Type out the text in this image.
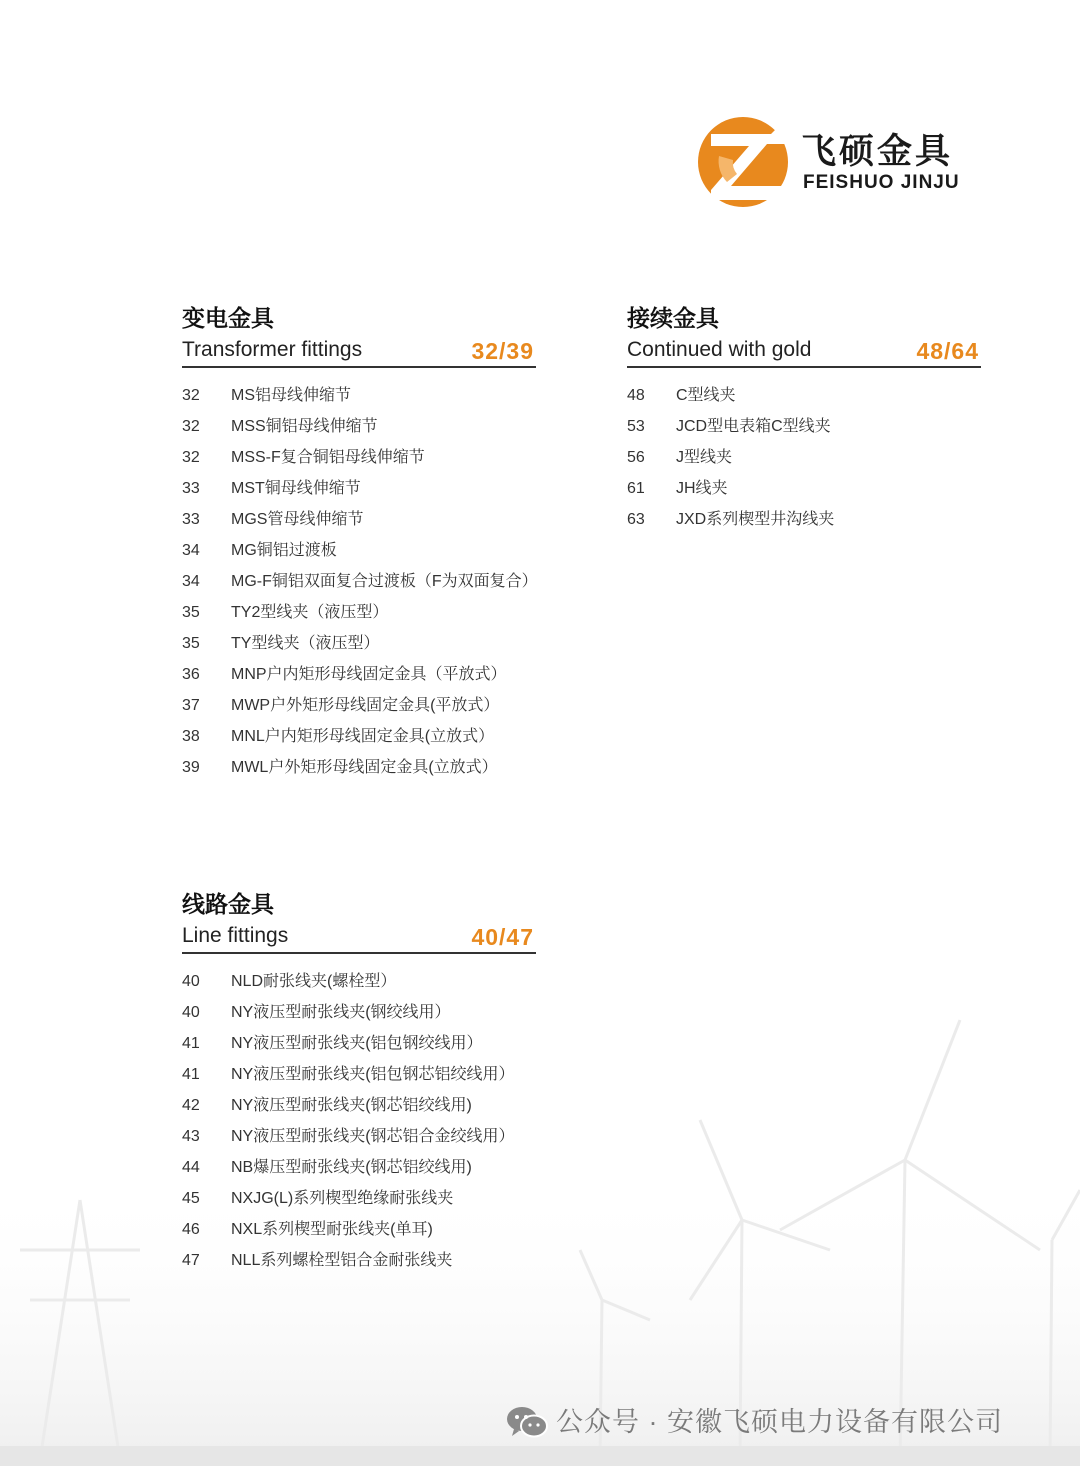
飞硕金具
FEISHUO JINJU
变电金具
Transformer fittings	32/39
32 MS铝母线伸缩节
32 MSS铜铝母线伸缩节
32 MSS-F复合铜铝母线伸缩节
33 MST铜母线伸缩节
33 MGS管母线伸缩节
34 MG铜铝过渡板
34 MG-F铜铝双面复合过渡板（F为双面复合）
35 TY2型线夹（液压型）
35 TY型线夹（液压型）
36 MNP户内矩形母线固定金具（平放式）
37 MWP户外矩形母线固定金具(平放式）
38 MNL户内矩形母线固定金具(立放式）
39 MWL户外矩形母线固定金具(立放式）
接续金具
Continued with gold	48/64
48 C型线夹
53 JCD型电表箱C型线夹
56 J型线夹
61 JH线夹
63 JXD系列楔型井沟线夹
线路金具
Line fittings	40/47
40 NLD耐张线夹(螺栓型）
40 NY液压型耐张线夹(钢绞线用）
41 NY液压型耐张线夹(铝包钢绞线用）
41 NY液压型耐张线夹(铝包钢芯铝绞线用）
42 NY液压型耐张线夹(钢芯铝绞线用)
43 NY液压型耐张线夹(钢芯铝合金绞线用）
44 NB爆压型耐张线夹(钢芯铝绞线用)
45 NXJG(L)系列楔型绝缘耐张线夹
46 NXL系列楔型耐张线夹(单耳)
47 NLL系列螺栓型铝合金耐张线夹
公众号 · 安徽飞硕电力设备有限公司
